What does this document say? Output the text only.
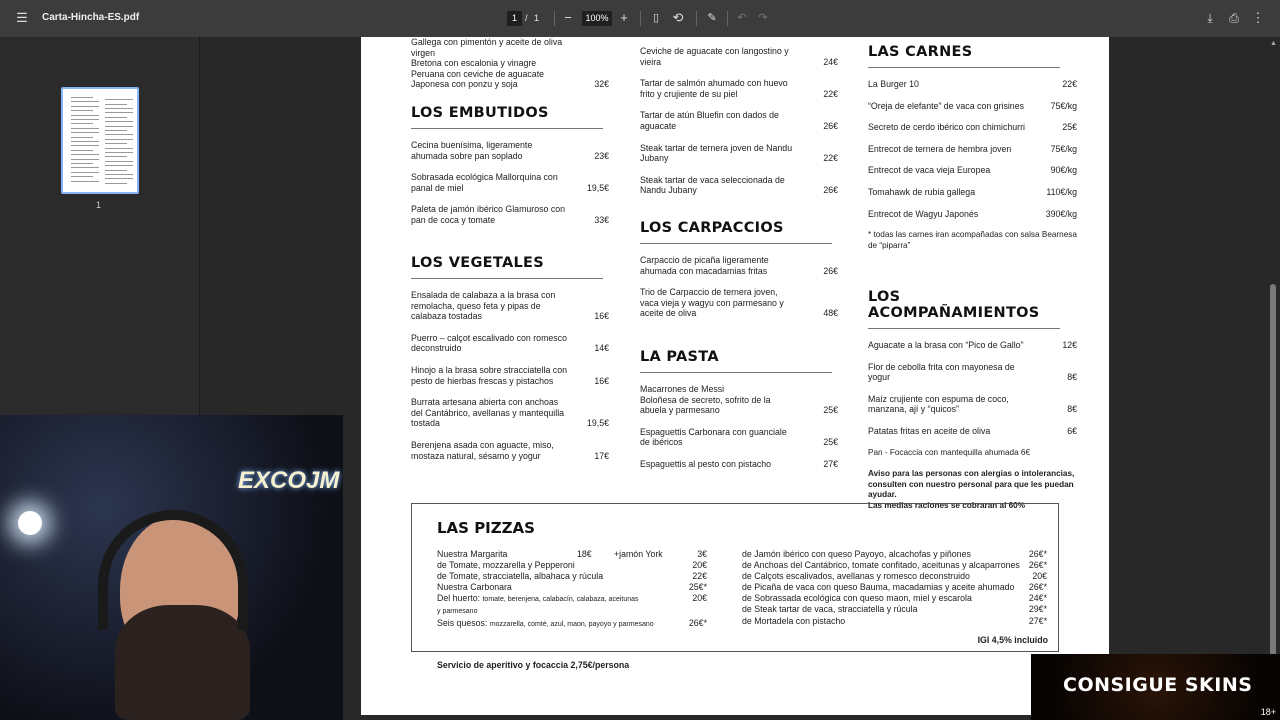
☰ Carta-Hincha-ES.pdf	1 / 1 −	100% +	▯	⟲	✎	↶ ↷	⤓	⎙ ⋮
1
Gallega con pimentón y aceite de oliva virgen
Bretona con escalonia y vinagre
Peruana con ceviche de aguacate
Japonesa con ponzu y soja	32€
LOS EMBUTIDOS
Cecina buenísima, ligeramente ahumada sobre pan soplado	23€
Sobrasada ecológica Mallorquina con panal de miel	19,5€
Paleta de jamón ibérico Glamuroso con pan de coca y tomate	33€
LOS VEGETALES
Ensalada de calabaza a la brasa con remolacha, queso feta y pipas de calabaza tostadas	16€
Puerro – calçot escalivado con romesco deconstruido	14€
Hinojo a la brasa sobre stracciatella con pesto de hierbas frescas y pistachos	16€
Burrata artesana abierta con anchoas del Cantábrico, avellanas y mantequilla tostada	19,5€
Berenjena asada con aguacte, miso, mostaza natural, sésamo y yogur	17€
Ceviche de aguacate con langostino y vieira	24€
Tartar de salmón ahumado con huevo frito y crujiente de su piel	22€
Tartar de atún Bluefin con dados de aguacate	26€
Steak tartar de ternera joven de Nandu Jubany	22€
Steak tartar de vaca seleccionada de Nandu Jubany	26€
LOS CARPACCIOS
Carpaccio de picaña ligeramente ahumada con macadamias fritas	26€
Trio de Carpaccio de ternera joven, vaca vieja y wagyu con parmesano y aceite de oliva	48€
LA PASTA
Macarrones de Messi
Boloñesa de secreto, sofrito de la abuela y parmesano	25€
Espaguettis Carbonara con guanciale de ibéricos	25€
Espaguettis al pesto con pistacho	27€
LAS CARNES
La Burger 10	22€
“Oreja de elefante” de vaca con grisines	75€/kg
Secreto de cerdo ibérico con chimichurri	25€
Entrecot de ternera de hembra joven	75€/kg
Entrecot de vaca vieja Europea	90€/kg
Tomahawk de rubia gallega	110€/kg
Entrecot de Wagyu Japonés	390€/kg
* todas las carnes iran acompañadas con salsa Bearnesa de “piparra”
LOS ACOMPAÑAMIENTOS
Aguacate a la brasa con “Pico de Gallo”	12€
Flor de cebolla frita con mayonesa de yogur	8€
Maíz crujiente con espuma de coco, manzana, ají y “quicos”	8€
Patatas fritas en aceite de oliva	6€
Pan - Focaccia con mantequilla ahumada 6€
Aviso para las personas con alergias o intolerancias, consulten con nuestro personal para que les puedan ayudar.
Las medias raciones se cobraran al 60%
LAS PIZZAS
Nuestra Margarita	18€	+jamón York	3€
de Tomate, mozzarella y Pepperoni	20€
de Tomate, stracciatella, albahaca y rúcula	22€
Nuestra Carbonara	25€*
Del huerto: tomate, berenjena, calabacín, calabaza, aceitunas	20€
y parmesano
Seis quesos: mozzarella, comté, azul, maon, payoyo y parmesano	26€*
de Jamón ibérico con queso Payoyo, alcachofas y piñones	26€*
de Anchoas del Cantábrico, tomate confitado, aceitunas y alcaparrones 26€*
de Calçots escalivados, avellanas y romesco deconstruido	20€
de Picaña de vaca con queso Bauma, macadamias y aceite ahumado 26€*
de Sobrassada ecológica con queso maon, miel y escarola	24€*
de Steak tartar de vaca, stracciatella y rúcula	29€*
de Mortadela con pistacho	27€*
IGI 4,5% incluido
Servicio de aperitivo y focaccia 2,75€/persona
▲
EXCOJM
CONSIGUE SKINS
18+
